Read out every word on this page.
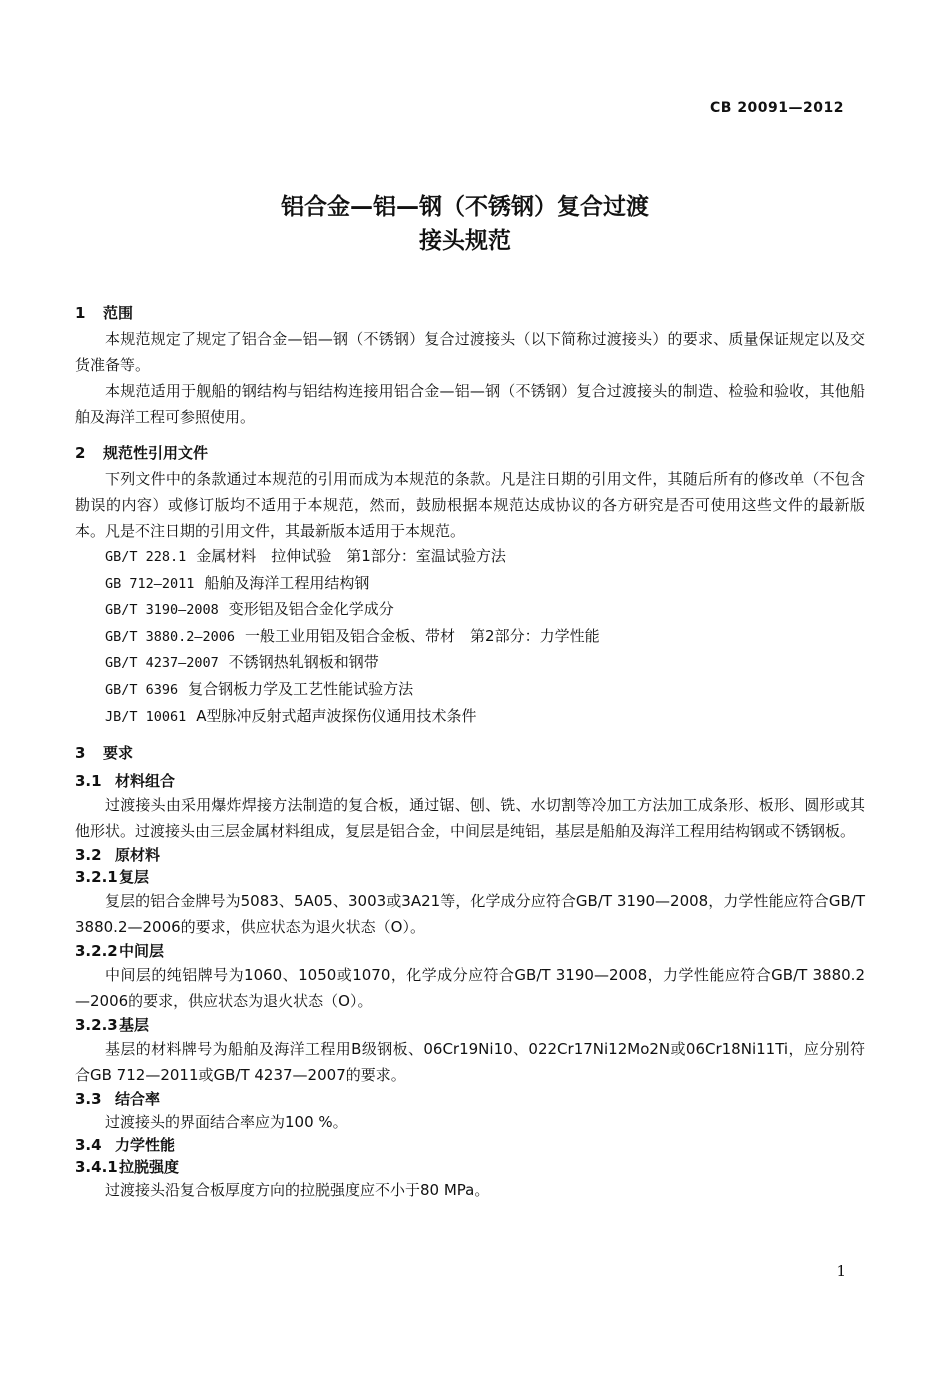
CB 20091—2012
铝合金—铝—钢（不锈钢）复合过渡
接头规范
1 范围
本规范规定了规定了铝合金—铝—钢（不锈钢）复合过渡接头（以下简称过渡接头）的要求、质量保证规定以及交货准备等。
本规范适用于舰船的钢结构与铝结构连接用铝合金—铝—钢（不锈钢）复合过渡接头的制造、检验和验收，其他船舶及海洋工程可参照使用。
2 规范性引用文件
下列文件中的条款通过本规范的引用而成为本规范的条款。凡是注日期的引用文件，其随后所有的修改单（不包含勘误的内容）或修订版均不适用于本规范，然而，鼓励根据本规范达成协议的各方研究是否可使用这些文件的最新版本。凡是不注日期的引用文件，其最新版本适用于本规范。
GB/T 228.1 金属材料　拉伸试验　第1部分：室温试验方法
GB 712—2011 船舶及海洋工程用结构钢
GB/T 3190—2008 变形铝及铝合金化学成分
GB/T 3880.2—2006 一般工业用铝及铝合金板、带材　第2部分：力学性能
GB/T 4237—2007 不锈钢热轧钢板和钢带
GB/T 6396 复合钢板力学及工艺性能试验方法
JB/T 10061 A型脉冲反射式超声波探伤仪通用技术条件
3 要求
3.1 材料组合
过渡接头由采用爆炸焊接方法制造的复合板，通过锯、刨、铣、水切割等冷加工方法加工成条形、板形、圆形或其他形状。过渡接头由三层金属材料组成，复层是铝合金，中间层是纯铝，基层是船舶及海洋工程用结构钢或不锈钢板。
3.2 原材料
3.2.1复层
复层的铝合金牌号为5083、5A05、3003或3A21等，化学成分应符合GB/T 3190—2008，力学性能应符合GB/T 3880.2—2006的要求，供应状态为退火状态（O）。
3.2.2中间层
中间层的纯铝牌号为1060、1050或1070，化学成分应符合GB/T 3190—2008，力学性能应符合GB/T 3880.2—2006的要求，供应状态为退火状态（O）。
3.2.3基层
基层的材料牌号为船舶及海洋工程用B级钢板、06Cr19Ni10、022Cr17Ni12Mo2N或06Cr18Ni11Ti，应分别符合GB 712—2011或GB/T 4237—2007的要求。
3.3 结合率
过渡接头的界面结合率应为100 %。
3.4 力学性能
3.4.1拉脱强度
过渡接头沿复合板厚度方向的拉脱强度应不小于80 MPa。
1
